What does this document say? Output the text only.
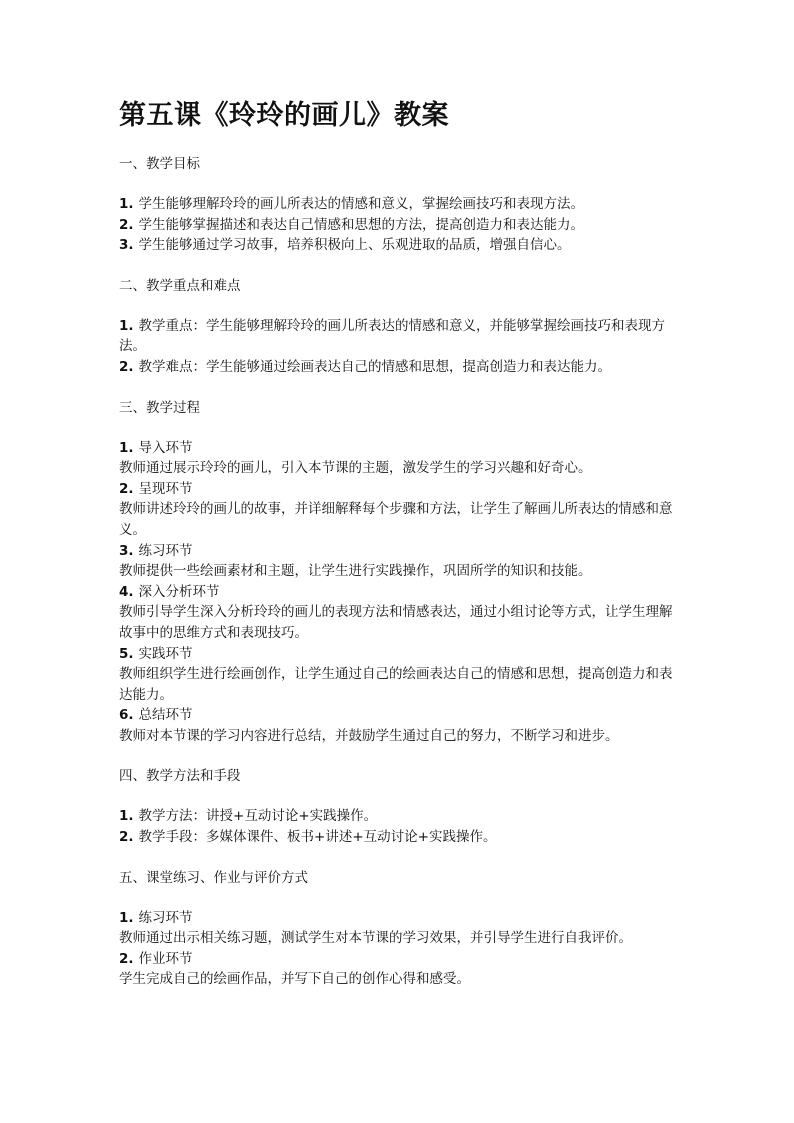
第五课《玲玲的画儿》教案

一、教学目标

1. 学生能够理解玲玲的画儿所表达的情感和意义，掌握绘画技巧和表现方法。

2. 学生能够掌握描述和表达自己情感和思想的方法，提高创造力和表达能力。

3. 学生能够通过学习故事，培养积极向上、乐观进取的品质，增强自信心。

二、教学重点和难点

1. 教学重点：学生能够理解玲玲的画儿所表达的情感和意义，并能够掌握绘画技巧和表现方法。

2. 教学难点：学生能够通过绘画表达自己的情感和思想，提高创造力和表达能力。

三、教学过程

1. 导入环节

教师通过展示玲玲的画儿，引入本节课的主题，激发学生的学习兴趣和好奇心。

2. 呈现环节

教师讲述玲玲的画儿的故事，并详细解释每个步骤和方法，让学生了解画儿所表达的情感和意义。

3. 练习环节

教师提供一些绘画素材和主题，让学生进行实践操作，巩固所学的知识和技能。

4. 深入分析环节

教师引导学生深入分析玲玲的画儿的表现方法和情感表达，通过小组讨论等方式，让学生理解故事中的思维方式和表现技巧。

5. 实践环节

教师组织学生进行绘画创作，让学生通过自己的绘画表达自己的情感和思想，提高创造力和表达能力。

6. 总结环节

教师对本节课的学习内容进行总结，并鼓励学生通过自己的努力，不断学习和进步。

四、教学方法和手段

1. 教学方法：讲授+互动讨论+实践操作。

2. 教学手段：多媒体课件、板书+讲述+互动讨论+实践操作。

五、课堂练习、作业与评价方式

1. 练习环节

教师通过出示相关练习题，测试学生对本节课的学习效果，并引导学生进行自我评价。

2. 作业环节

学生完成自己的绘画作品，并写下自己的创作心得和感受。
